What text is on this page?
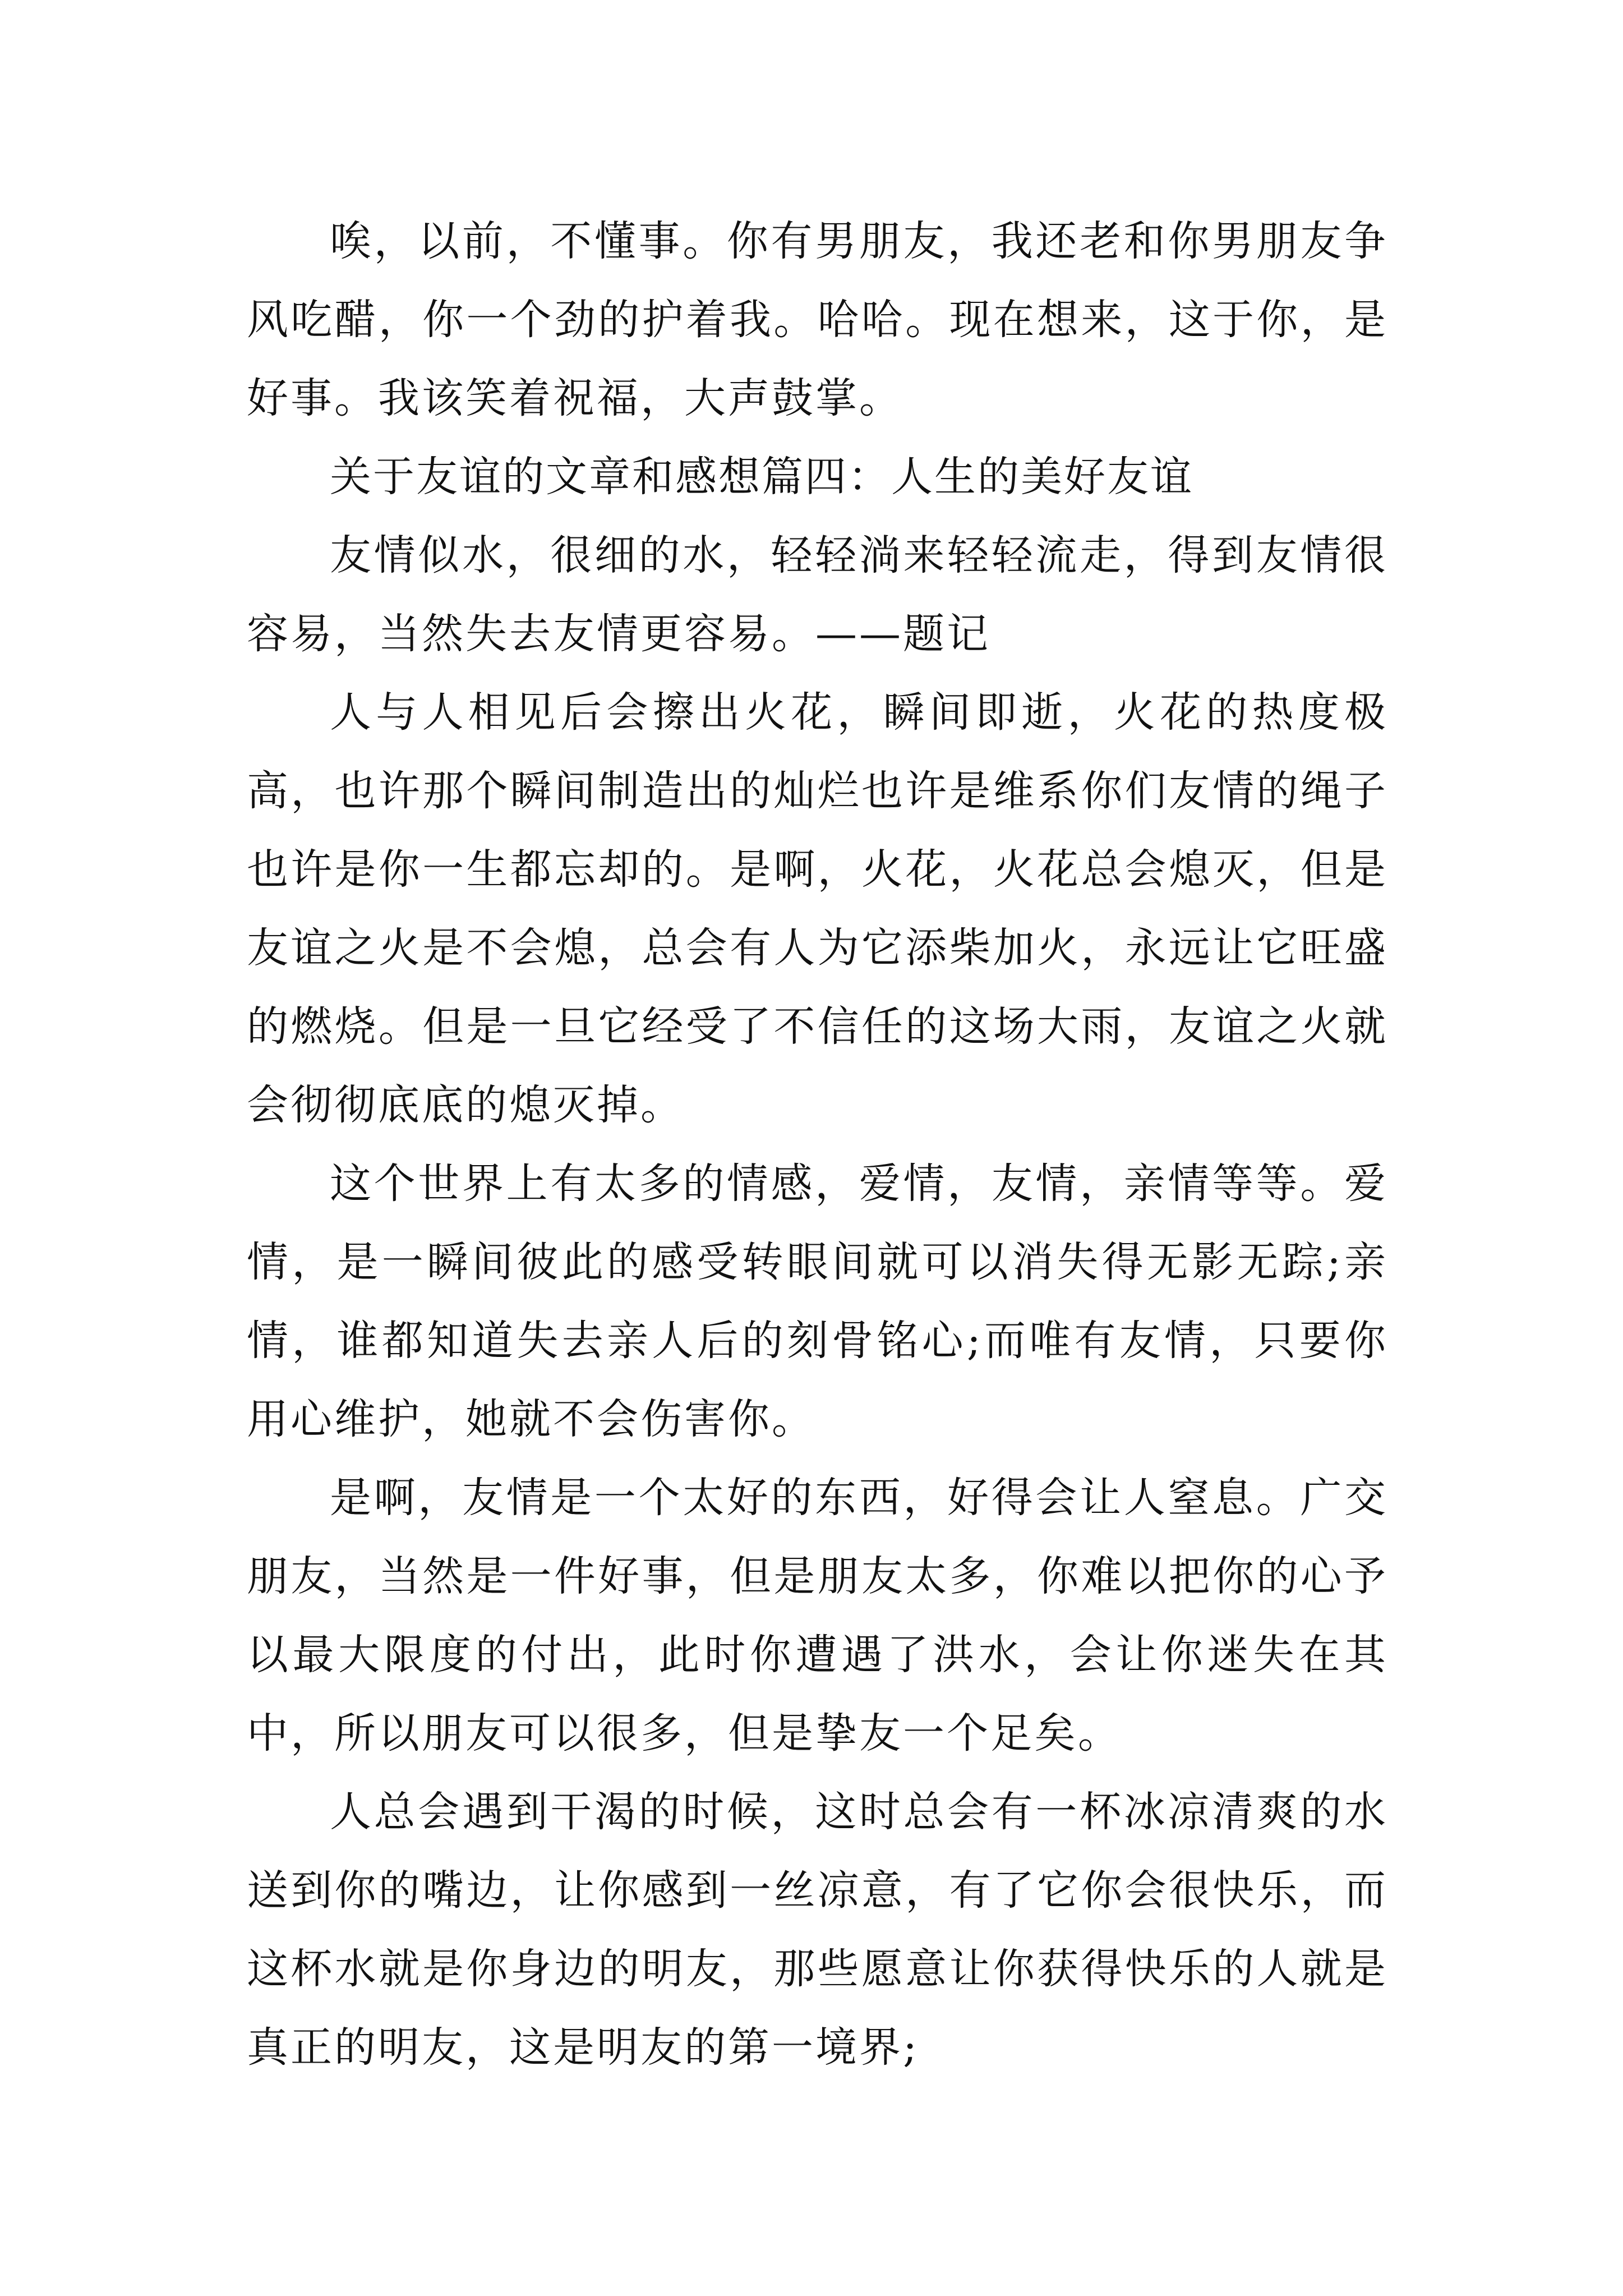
唉，以前，不懂事。你有男朋友，我还老和你男朋友争风吃醋，你一个劲的护着我。哈哈。现在想来，这于你，是好事。我该笑着祝福，大声鼓掌。

关于友谊的文章和感想篇四：人生的美好友谊

友情似水，很细的水，轻轻淌来轻轻流走，得到友情很容易，当然失去友情更容易。——题记

人与人相见后会擦出火花，瞬间即逝，火花的热度极高，也许那个瞬间制造出的灿烂也许是维系你们友情的绳子也许是你一生都忘却的。是啊，火花，火花总会熄灭，但是友谊之火是不会熄，总会有人为它添柴加火，永远让它旺盛的燃烧。但是一旦它经受了不信任的这场大雨，友谊之火就会彻彻底底的熄灭掉。

这个世界上有太多的情感，爱情，友情，亲情等等。爱情，是一瞬间彼此的感受转眼间就可以消失得无影无踪;亲情，谁都知道失去亲人后的刻骨铭心;而唯有友情，只要你用心维护，她就不会伤害你。

是啊，友情是一个太好的东西，好得会让人窒息。广交朋友，当然是一件好事，但是朋友太多，你难以把你的心予以最大限度的付出，此时你遭遇了洪水，会让你迷失在其中，所以朋友可以很多，但是挚友一个足矣。

人总会遇到干渴的时候，这时总会有一杯冰凉清爽的水送到你的嘴边，让你感到一丝凉意，有了它你会很快乐，而这杯水就是你身边的明友，那些愿意让你获得快乐的人就是真正的明友，这是明友的第一境界;
